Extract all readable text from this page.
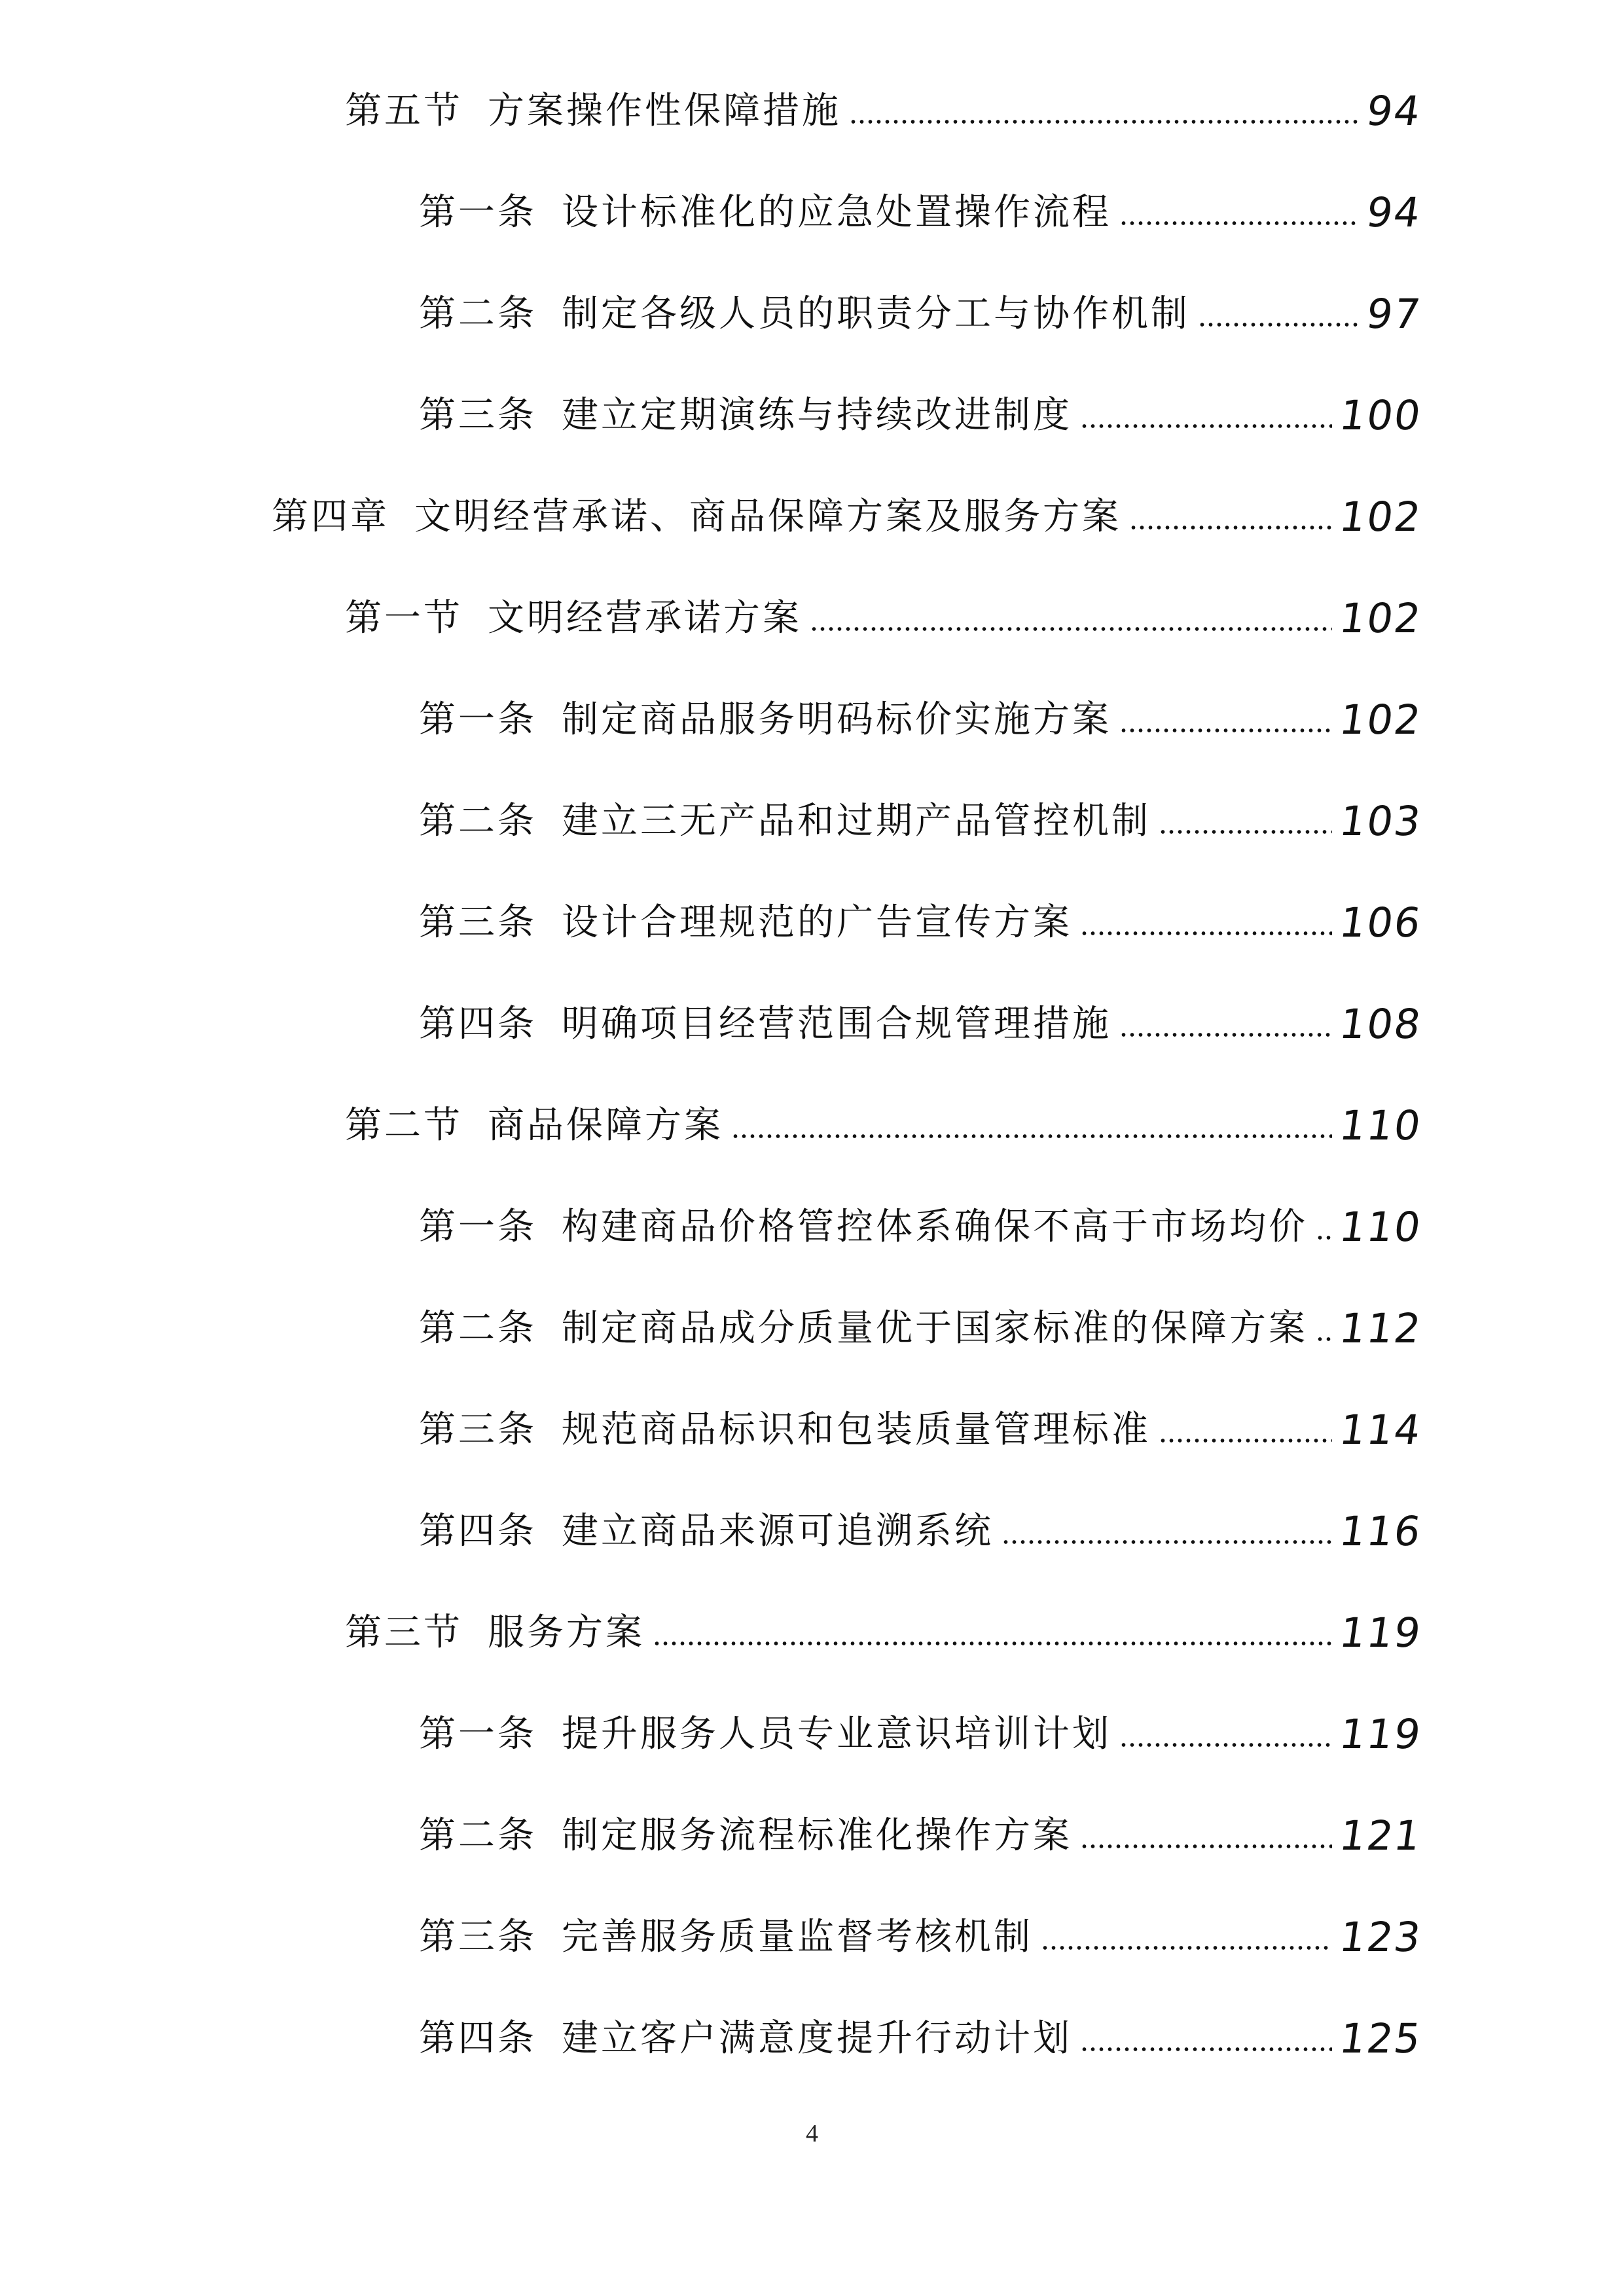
第五节 方案操作性保障措施	94
第一条 设计标准化的应急处置操作流程	94
第二条 制定各级人员的职责分工与协作机制	97
第三条 建立定期演练与持续改进制度	100
第四章 文明经营承诺、商品保障方案及服务方案	102
第一节 文明经营承诺方案	102
第一条 制定商品服务明码标价实施方案	102
第二条 建立三无产品和过期产品管控机制	103
第三条 设计合理规范的广告宣传方案	106
第四条 明确项目经营范围合规管理措施	108
第二节 商品保障方案	110
第一条 构建商品价格管控体系确保不高于市场均价 110
第二条 制定商品成分质量优于国家标准的保障方案 112
第三条 规范商品标识和包装质量管理标准	114
第四条 建立商品来源可追溯系统	116
第三节 服务方案	119
第一条 提升服务人员专业意识培训计划	119
第二条 制定服务流程标准化操作方案	121
第三条 完善服务质量监督考核机制	123
第四条 建立客户满意度提升行动计划	125
4
